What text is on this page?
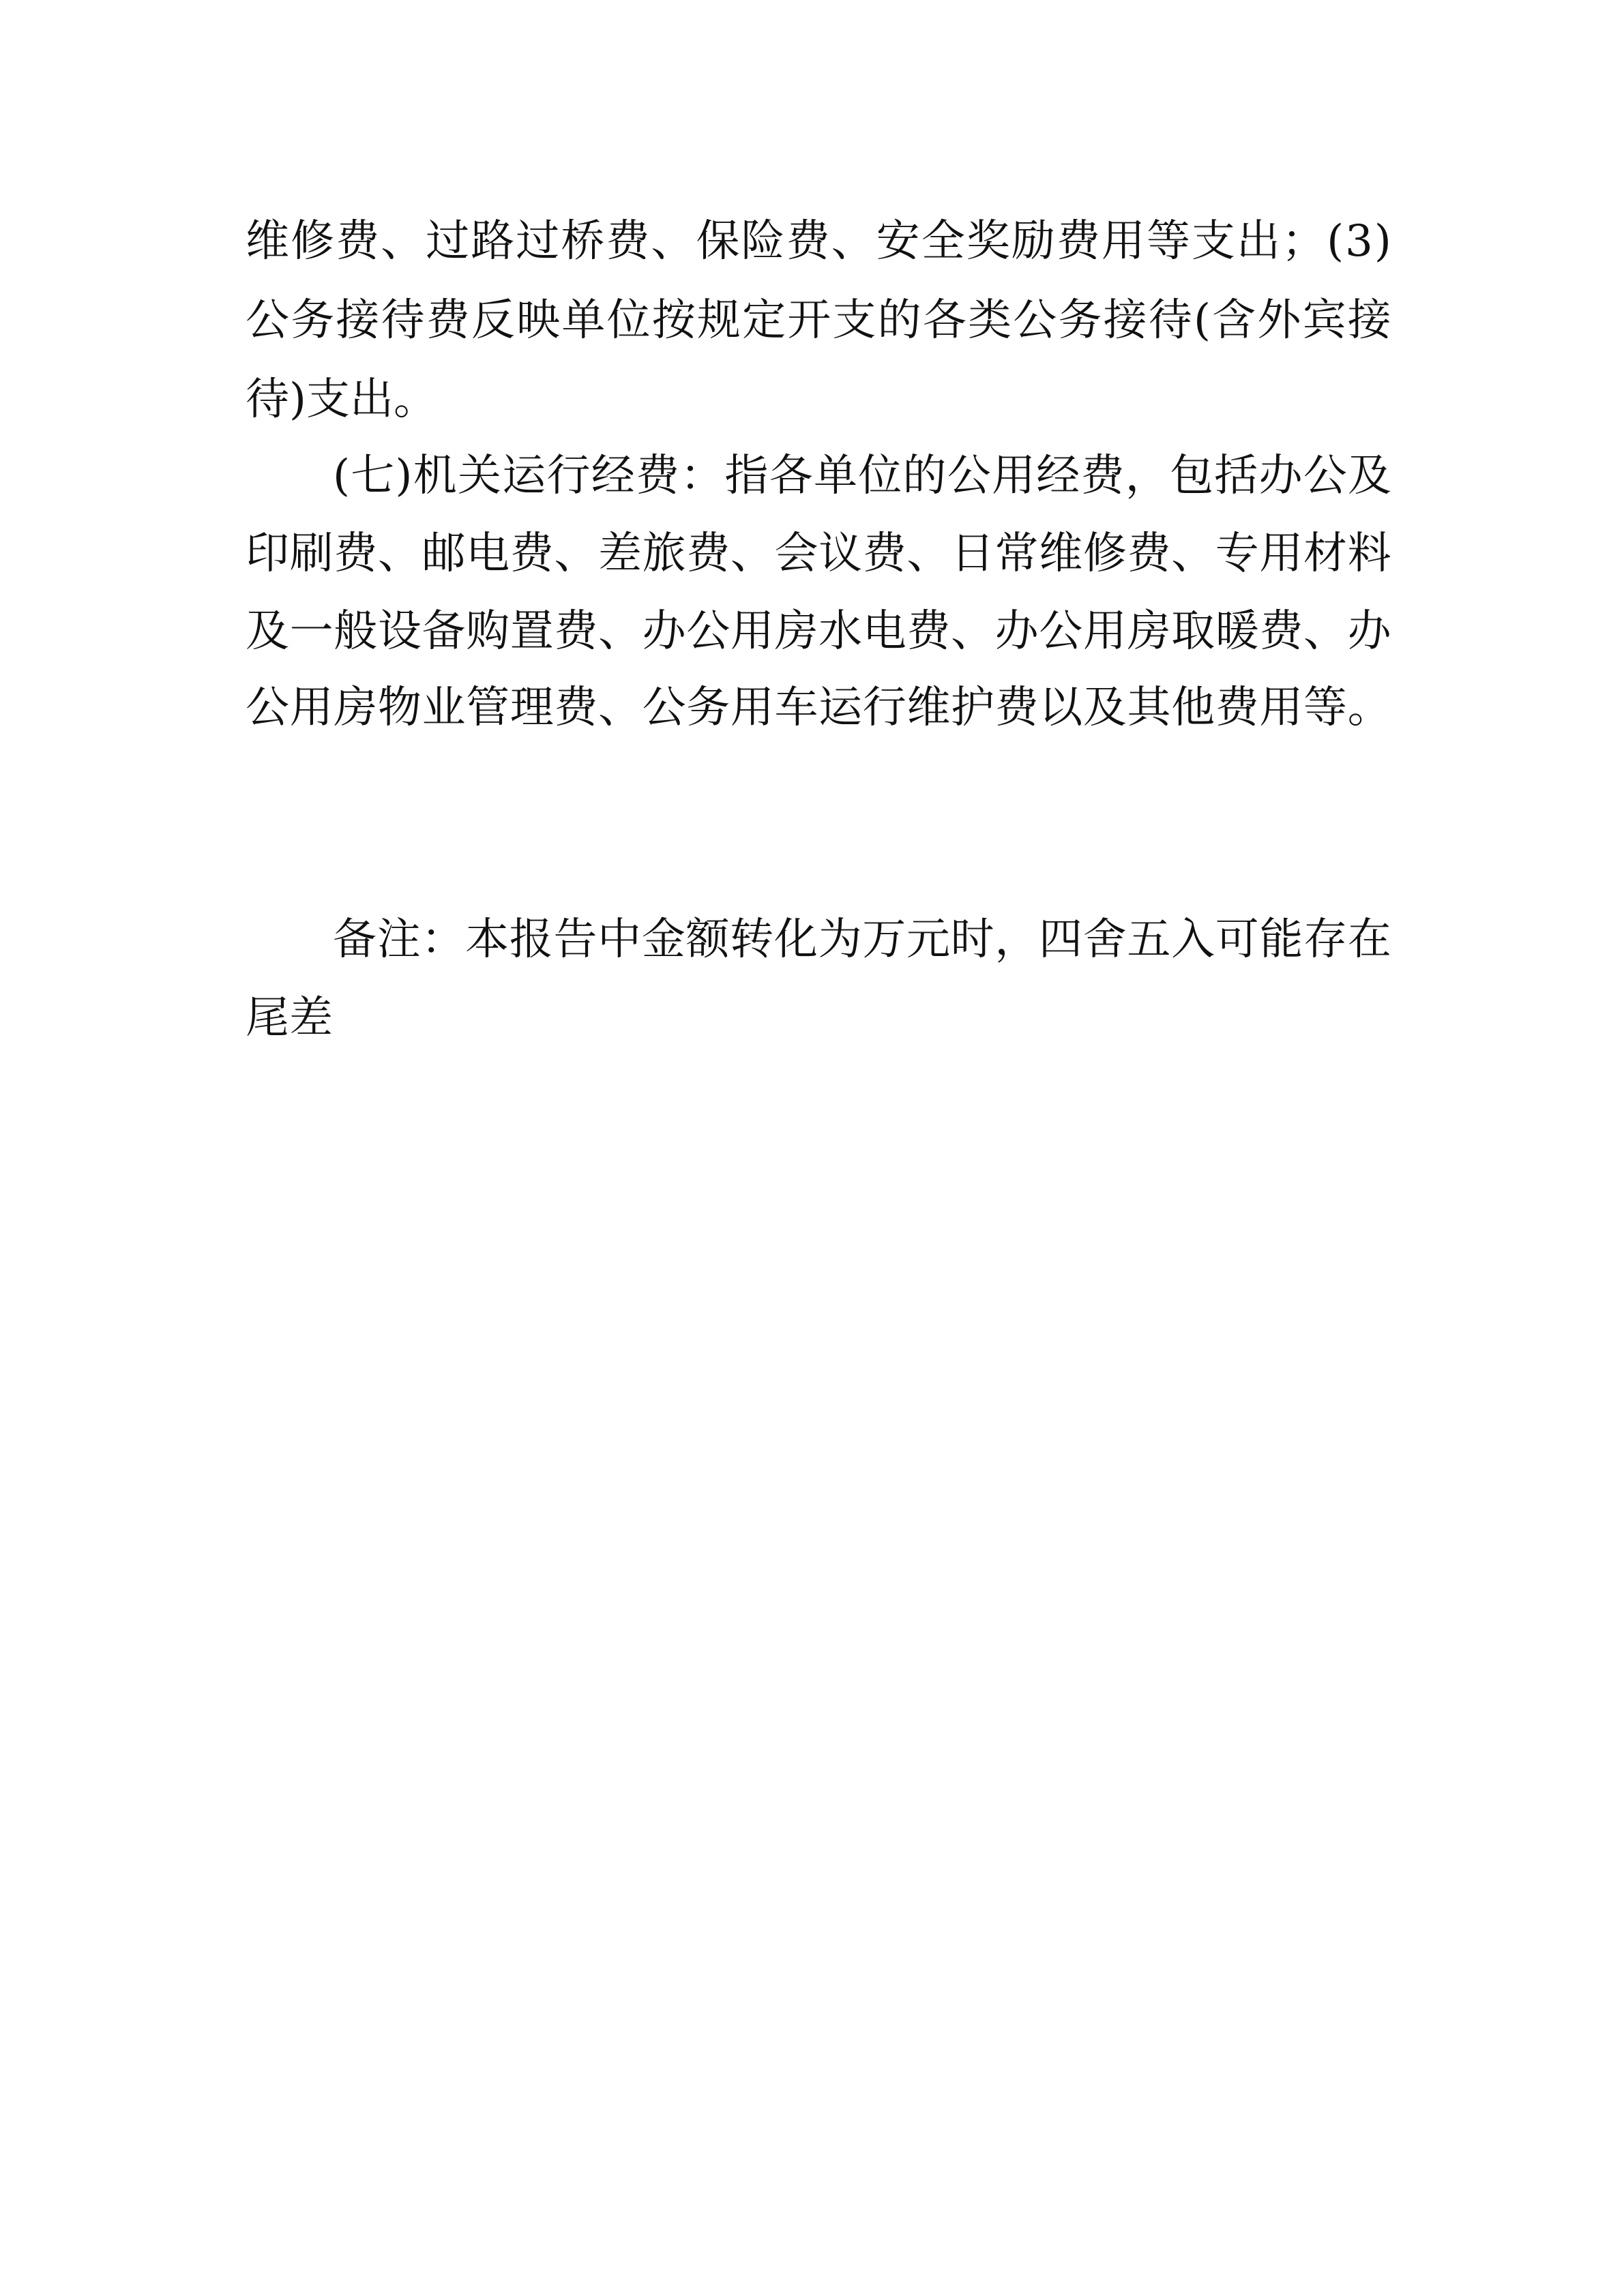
维 修 费 、 过 路 过 桥 费 、 保 险 费 、 安 全 奖 励 费 用 等 支 出 ； ( 3 )
公 务 接 待 费 反 映 单 位 按 规 定 开 支 的 各 类 公 务 接 待 ( 含 外 宾 接
待)支出。
( 七 ) 机 关 运 行 经 费 ： 指 各 单 位 的 公 用 经 费 ， 包 括 办 公 及
印 刷 费 、 邮 电 费 、 差 旅 费 、 会 议 费 、 日 常 维 修 费 、 专 用 材 料
及 一 般 设 备 购 置 费 、 办 公 用 房 水 电 费 、 办 公 用 房 取 暖 费 、 办
公 用 房 物 业 管 理 费 、 公 务 用 车 运 行 维 护 费 以 及 其 他 费 用 等 。
备 注 ： 本 报 告 中 金 额 转 化 为 万 元 时 ， 四 舍 五 入 可 能 存 在
尾差
